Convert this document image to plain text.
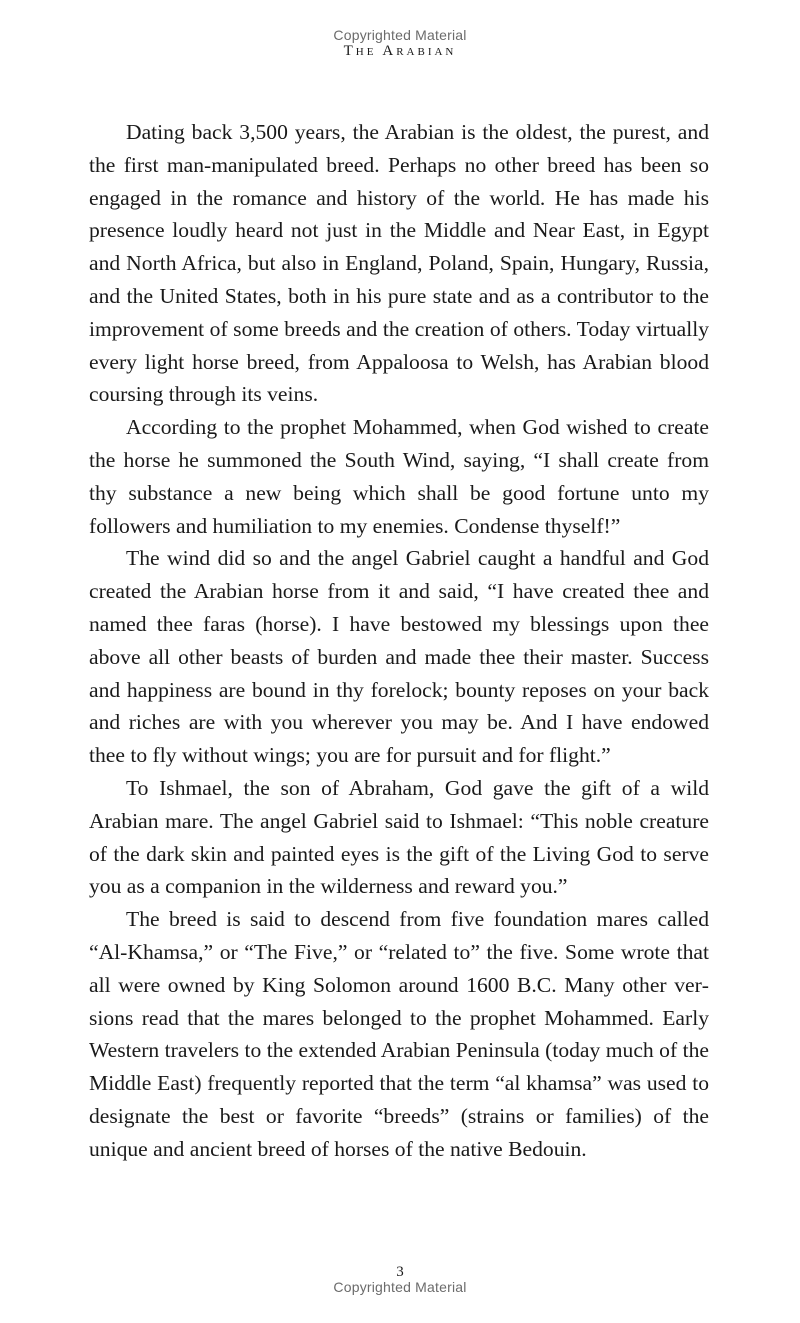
Copyrighted Material
The Arabian

Dating back 3,500 years, the Arabian is the oldest, the purest, and the first man-manipulated breed. Perhaps no other breed has been so engaged in the romance and history of the world. He has made his presence loudly heard not just in the Middle and Near East, in Egypt and North Africa, but also in England, Poland, Spain, Hungary, Russia, and the United States, both in his pure state and as a contributor to the improvement of some breeds and the creation of others. Today virtually every light horse breed, from Appaloosa to Welsh, has Arabian blood coursing through its veins.

According to the prophet Mohammed, when God wished to create the horse he summoned the South Wind, saying, “I shall create from thy substance a new being which shall be good fortune unto my followers and humiliation to my enemies. Condense thyself!”

The wind did so and the angel Gabriel caught a handful and God created the Arabian horse from it and said, “I have created thee and named thee faras (horse). I have bestowed my blessings upon thee above all other beasts of burden and made thee their master. Success and happiness are bound in thy forelock; bounty reposes on your back and riches are with you wherever you may be. And I have endowed thee to fly without wings; you are for pursuit and for flight.”

To Ishmael, the son of Abraham, God gave the gift of a wild Arabian mare. The angel Gabriel said to Ishmael: “This noble creature of the dark skin and painted eyes is the gift of the Living God to serve you as a companion in the wilderness and reward you.”

The breed is said to descend from five foundation mares called “Al-Khamsa,” or “The Five,” or “related to” the five. Some wrote that all were owned by King Solomon around 1600 B.C. Many other versions read that the mares belonged to the prophet Mohammed. Early Western travelers to the extended Arabian Peninsula (today much of the Middle East) frequently reported that the term “al khamsa” was used to designate the best or favorite “breeds” (strains or families) of the unique and ancient breed of horses of the native Bedouin.

3
Copyrighted Material
